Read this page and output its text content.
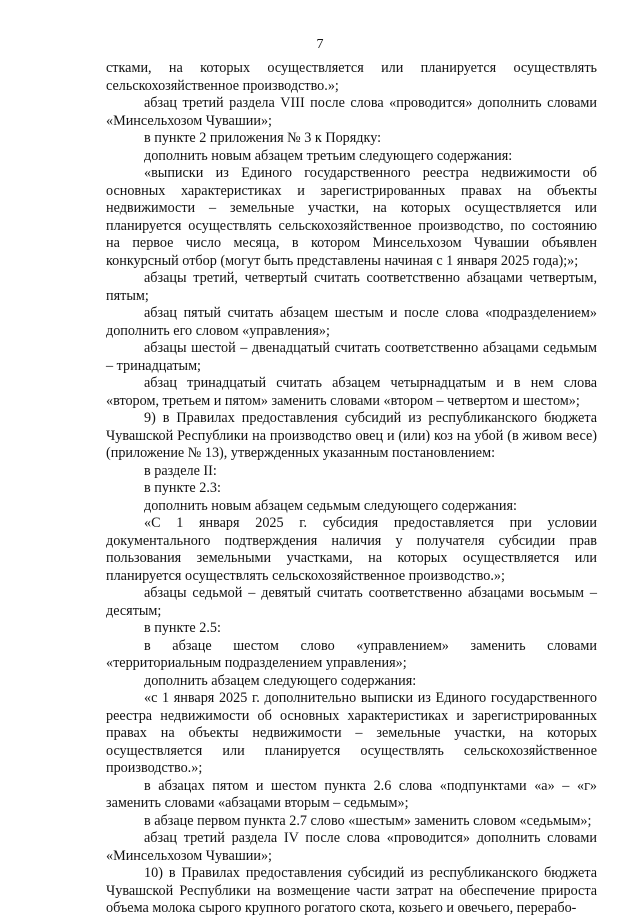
7

стками, на которых осуществляется или планируется осуществлять сельскохозяйственное производство.»;

абзац третий раздела VIII после слова «проводится» дополнить словами «Минсельхозом Чувашии»;

в пункте 2 приложения № 3 к Порядку:

дополнить новым абзацем третьим следующего содержания:

«выписки из Единого государственного реестра недвижимости об основных характеристиках и зарегистрированных правах на объекты недвижимости – земельные участки, на которых осуществляется или планируется осуществлять сельскохозяйственное производство, по состоянию на первое число месяца, в котором Минсельхозом Чувашии объявлен конкурсный отбор (могут быть представлены начиная с 1 января 2025 года);»;

абзацы третий, четвертый считать соответственно абзацами четвертым, пятым;

абзац пятый считать абзацем шестым и после слова «подразделением» дополнить его словом «управления»;

абзацы шестой – двенадцатый считать соответственно абзацами седьмым – тринадцатым;

абзац тринадцатый считать абзацем четырнадцатым и в нем слова «втором, третьем и пятом» заменить словами «втором – четвертом и шестом»;

9) в Правилах предоставления субсидий из республиканского бюджета Чувашской Республики на производство овец и (или) коз на убой (в живом весе) (приложение № 13), утвержденных указанным постановлением:

в разделе II:

в пункте 2.3:

дополнить новым абзацем седьмым следующего содержания:

«С 1 января 2025 г. субсидия предоставляется при условии документального подтверждения наличия у получателя субсидии прав пользования земельными участками, на которых осуществляется или планируется осуществлять сельскохозяйственное производство.»;

абзацы седьмой – девятый считать соответственно абзацами восьмым – десятым;

в пункте 2.5:

в абзаце шестом слово «управлением» заменить словами «территориальным подразделением управления»;

дополнить абзацем следующего содержания:

«с 1 января 2025 г. дополнительно выписки из Единого государственного реестра недвижимости об основных характеристиках и зарегистрированных правах на объекты недвижимости – земельные участки, на которых осуществляется или планируется осуществлять сельскохозяйственное производство.»;

в абзацах пятом и шестом пункта 2.6 слова «подпунктами «а» – «г» заменить словами «абзацами вторым – седьмым»;

в абзаце первом пункта 2.7 слово «шестым» заменить словом «седьмым»;

абзац третий раздела IV после слова «проводится» дополнить словами «Минсельхозом Чувашии»;

10) в Правилах предоставления субсидий из республиканского бюджета Чувашской Республики на возмещение части затрат на обеспечение прироста объема молока сырого крупного рогатого скота, козьего и овечьего, перерабо-
